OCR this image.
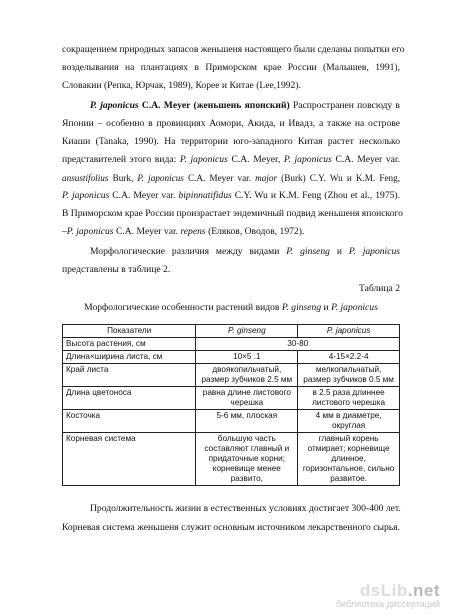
сокращением природных запасов женьшеня настоящего были сделаны попытки его
возделывания на плантациях в Приморском крае России (Малышев, 1991),
Словакии (Репка, Юрчак, 1989), Корее и Китае (Lee,1992).
P. japonicus C.A. Meyer (женьшень японский) Распространен повсюду в
Японии – особенно в провинциях Аомори, Акида, и Ивадз, а также на острове
Киаши (Tanaka, 1990). На территории юго-западного Китая растет несколько
представителей этого вида: P. japonicus C.A. Meyer, P. japonicus C.A. Meyer var.
ansustifolius Burk, P. japonicus C.A. Meyer var. major (Burk) C.Y. Wu и K.M. Feng,
P. japonicus C.A. Meyer var. bipinnatifidus C.Y. Wu и K.M. Feng (Zhou et al., 1975).
В Приморском крае России произрастает эндемичный подвид женьшеня японского
–P. japonicus C.A. Meyer var. repens (Еляков, Оводов, 1972).
Морфологические различия между видами P. ginseng и P. japonicus
представлены в таблице 2.
Таблица 2
Морфологические особенности растений видов P. ginseng и P. japonicus
Показатели	P. ginseng	P. japonicus
Высота растения, см	30-80	
Длина×ширина листа, см	10×5 .1	4-15×2.2-4
Край листа	двоякопильчатый, размер зубчиков 2.5 мм	мелкопильчатый, размер зубчиков 0.5 мм
Длина цветоноса	равна длине листового черешка	в 2.5 раза длиннее листового черешка
Косточка	5-6 мм, плоская	4 мм в диаметре, округлая
Корневая система	большую часть составляют главный и придаточные корни; корневище менее развито,	главный корень отмирает; корневище длинное, горизонтальное, сильно развитое.
Продолжительность жизни в естественных условиях достигает 300-400 лет.
Корневая система женьшеня служит основным источником лекарственного сырья.
dsLib.net
библиотека диссертаций
